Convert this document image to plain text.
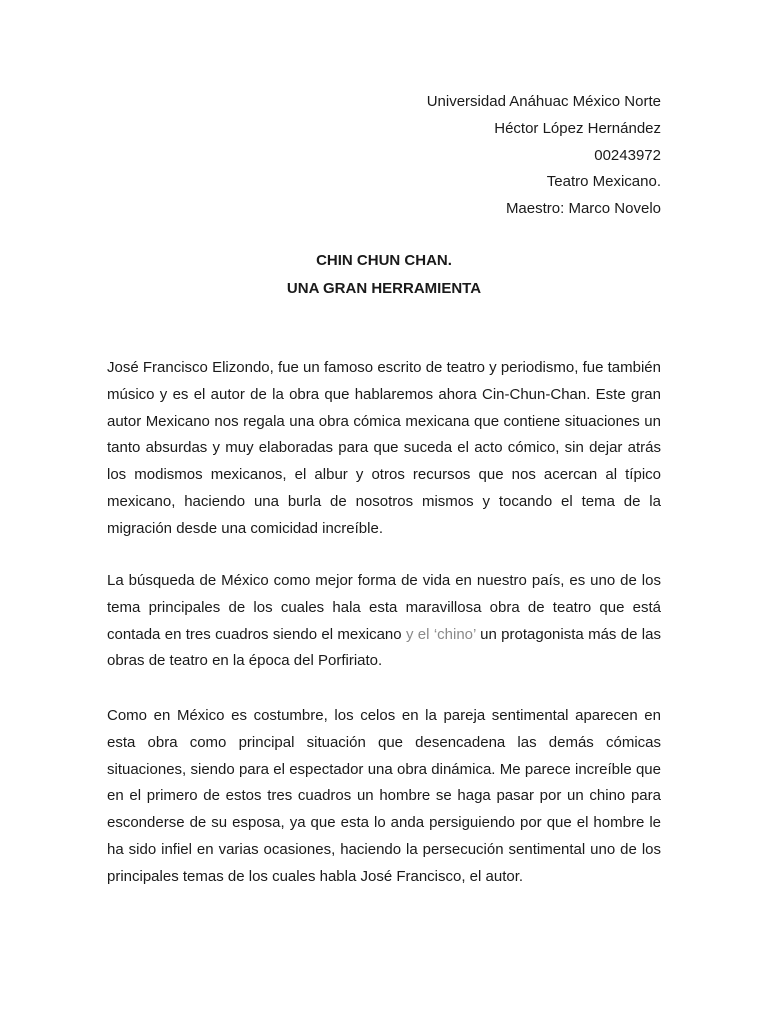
Universidad Anáhuac México Norte
Héctor López Hernández
00243972
Teatro Mexicano.
Maestro: Marco Novelo
CHIN CHUN CHAN.
UNA GRAN HERRAMIENTA

José Francisco Elizondo, fue un famoso escrito de teatro y periodismo, fue también músico y es el autor de la obra que hablaremos ahora Cin-Chun-Chan. Este gran autor Mexicano nos regala una obra cómica mexicana que contiene situaciones un tanto absurdas y muy elaboradas para que suceda el acto cómico, sin dejar atrás los modismos mexicanos, el albur y otros recursos que nos acercan al típico mexicano, haciendo una burla de nosotros mismos y tocando el tema de la migración desde una comicidad increíble.

La búsqueda de México como mejor forma de vida en nuestro país, es uno de los tema principales de los cuales hala esta maravillosa obra de teatro que está contada en tres cuadros siendo el mexicano y el ‘chino’ un protagonista más de las obras de teatro en la época del Porfiriato.

Como en México es costumbre, los celos en la pareja sentimental aparecen en esta obra como principal situación que desencadena las demás cómicas situaciones, siendo para el espectador una obra dinámica. Me parece increíble que en el primero de estos tres cuadros un hombre se haga pasar por un chino para esconderse de su esposa, ya que esta lo anda persiguiendo por que el hombre le ha sido infiel en varias ocasiones, haciendo la persecución sentimental uno de los principales temas de los cuales habla José Francisco, el autor.
